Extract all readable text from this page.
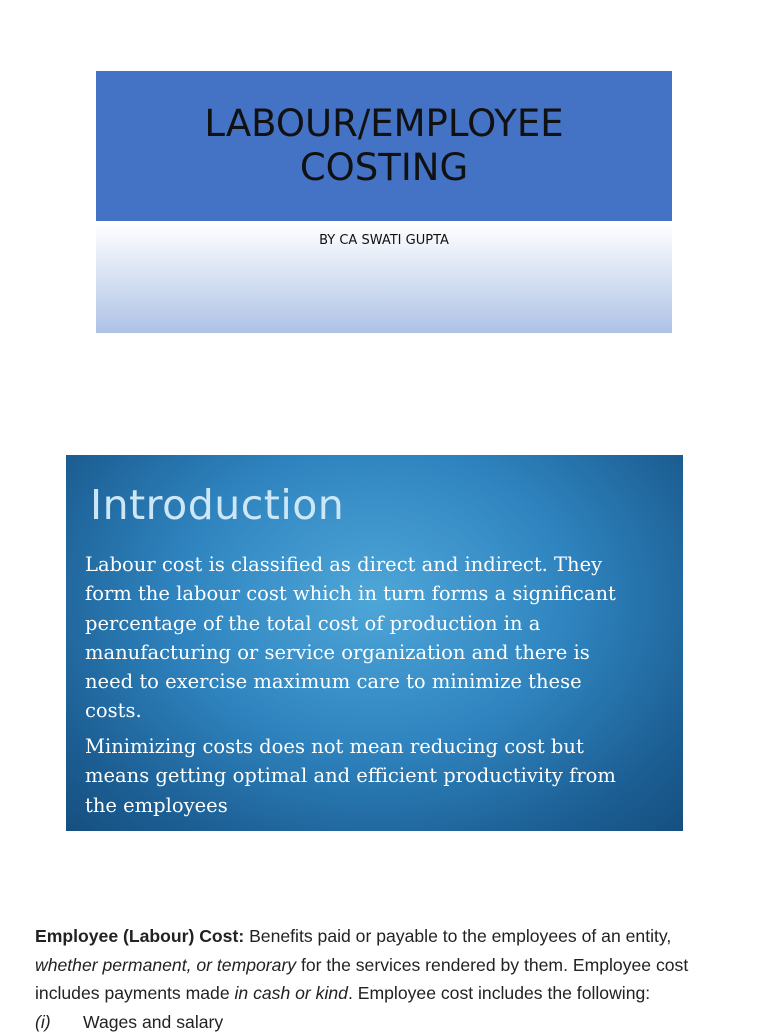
LABOUR/EMPLOYEE
COSTING
BY CA SWATI GUPTA
Introduction

Labour cost is classified as direct and indirect. They
form the labour cost which in turn forms a significant
percentage of the total cost of production in a
manufacturing or service organization and there is
need to exercise maximum care to minimize these
costs.

Minimizing costs does not mean reducing cost but
means getting optimal and efficient productivity from
the employees

Employee (Labour) Cost: Benefits paid or payable to the employees of an entity,
whether permanent, or temporary for the services rendered by them. Employee cost
includes payments made in cash or kind. Employee cost includes the following:
(i) Wages and salary
